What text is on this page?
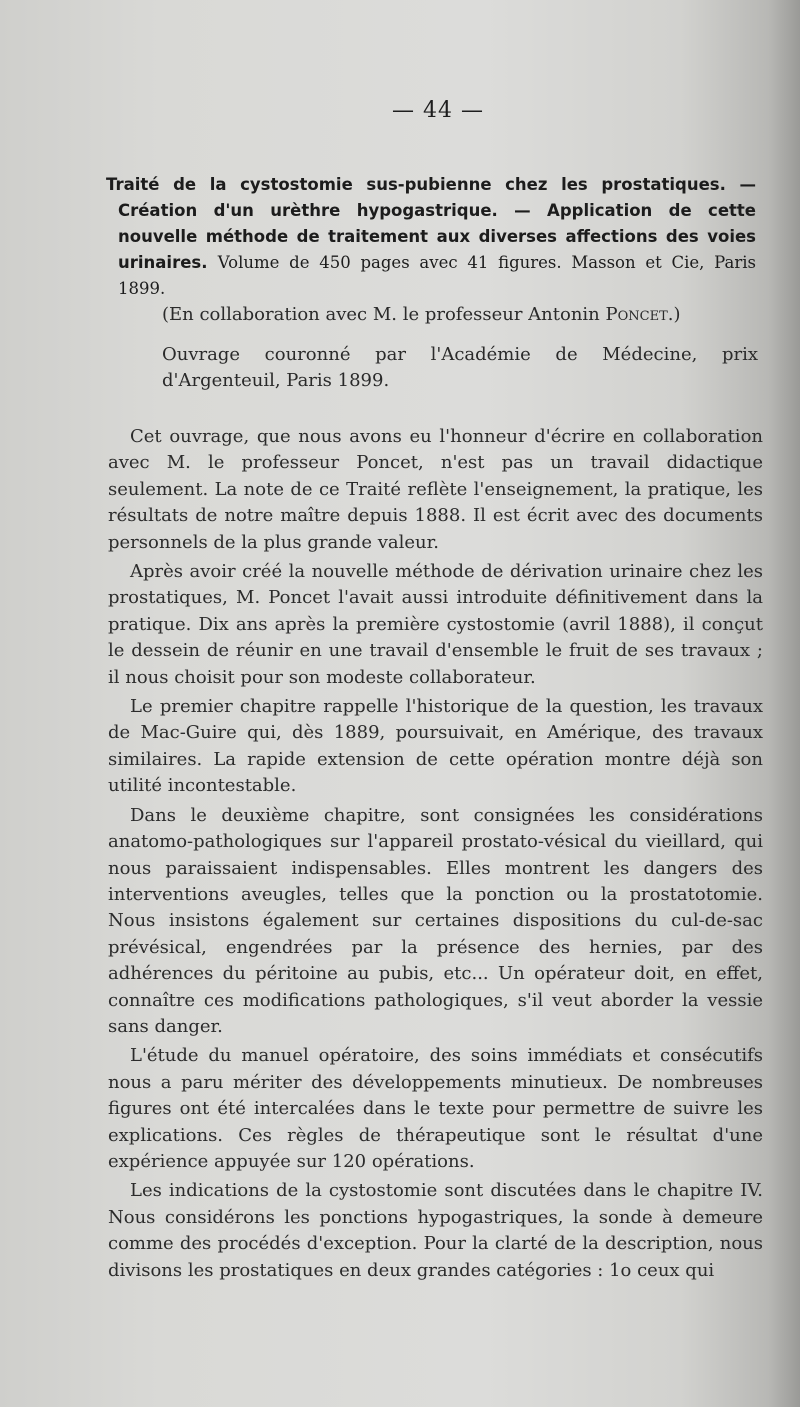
— 44 —

Traité de la cystostomie sus-pubienne chez les prostatiques. — Création d'un urèthre hypogastrique. — Application de cette nouvelle méthode de traitement aux diverses affections des voies urinaires. Volume de 450 pages avec 41 figures. Masson et Cie, Paris 1899.

(En collaboration avec M. le professeur Antonin Poncet.)
Ouvrage couronné par l'Académie de Médecine, prix d'Argenteuil, Paris 1899.

Cet ouvrage, que nous avons eu l'honneur d'écrire en collaboration avec M. le professeur Poncet, n'est pas un travail didactique seulement. La note de ce Traité reflète l'enseignement, la pratique, les résultats de notre maître depuis 1888. Il est écrit avec des documents personnels de la plus grande valeur.

Après avoir créé la nouvelle méthode de dérivation urinaire chez les prostatiques, M. Poncet l'avait aussi introduite définitivement dans la pratique. Dix ans après la première cystostomie (avril 1888), il conçut le dessein de réunir en une travail d'ensemble le fruit de ses travaux ; il nous choisit pour son modeste collaborateur.

Le premier chapitre rappelle l'historique de la question, les travaux de Mac-Guire qui, dès 1889, poursuivait, en Amérique, des travaux similaires. La rapide extension de cette opération montre déjà son utilité incontestable.

Dans le deuxième chapitre, sont consignées les considérations anatomo-pathologiques sur l'appareil prostato-vésical du vieillard, qui nous paraissaient indispensables. Elles montrent les dangers des interventions aveugles, telles que la ponction ou la prostatotomie. Nous insistons également sur certaines dispositions du cul-de-sac prévésical, engendrées par la présence des hernies, par des adhérences du péritoine au pubis, etc... Un opérateur doit, en effet, connaître ces modifications pathologiques, s'il veut aborder la vessie sans danger.

L'étude du manuel opératoire, des soins immédiats et consécutifs nous a paru mériter des développements minutieux. De nombreuses figures ont été intercalées dans le texte pour permettre de suivre les explications. Ces règles de thérapeutique sont le résultat d'une expérience appuyée sur 120 opérations.

Les indications de la cystostomie sont discutées dans le chapitre IV. Nous considérons les ponctions hypogastriques, la sonde à demeure comme des procédés d'exception. Pour la clarté de la description, nous divisons les prostatiques en deux grandes catégories : 1o ceux qui
